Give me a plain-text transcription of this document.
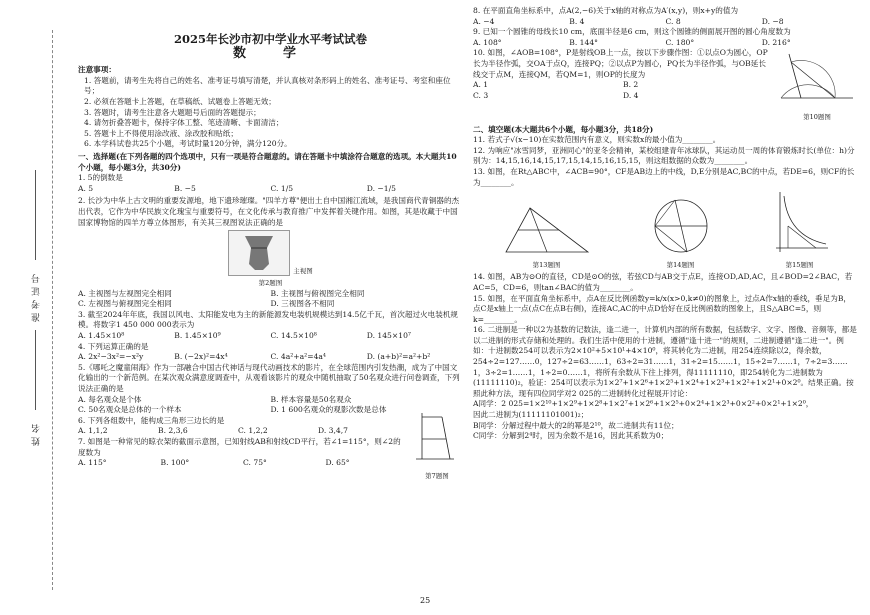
准考证号
姓名
2025年长沙市初中学业水平考试试卷
数　学

注意事项：

1. 答题前，请考生先将自己的姓名、准考证号填写清楚，并认真核对条形码上的姓名、准考证号、考室和座位号；

2. 必须在答题卡上答题，在草稿纸、试题卷上答题无效；

3. 答题时，请考生注意各大题题号后面的答题提示；

4. 请勿折叠答题卡，保持字体工整、笔迹清晰、卡面清洁；

5. 答题卡上不得使用涂改液、涂改胶和贴纸；

6. 本学科试卷共25个小题，考试时量120分钟，满分120分。

一、选择题(在下列各题的四个选项中，只有一项是符合题意的。请在答题卡中填涂符合题意的选项。本大题共10个小题，每小题3分，共30分)

1. 5的倒数是

A. 5	B. −5	C. 1/5	D. −1/5

2. 长沙为中华上古文明的重要发源地，地下遗珍璀璨。"四羊方尊"便出土自中国湘江流域，是我国商代青铜器的杰出代表，它作为中华民族文化瑰宝与重要符号，在文化传承与教育推广中发挥着关键作用。如图，其是收藏于中国国家博物馆的四羊方尊立体图形，有关其三视图说法正确的是

主视图
第2题图
A. 主视图与左视图完全相同	B. 主视图与俯视图完全相同
C. 左视图与俯视图完全相同	D. 三视图各不相同

3. 截至2024年年底，我国以风电、太阳能发电为主的新能源发电装机规模达到14.5亿千瓦，首次超过火电装机规模。将数字1 450 000 000表示为

A. 1.45×10⁸	B. 1.45×10⁹	C. 14.5×10⁸	D. 145×10⁷

4. 下列运算正确的是

A. 2x²−3x²=−x²y	B. (−2x)²=4x⁴	C. 4a²+a²=4a⁴	D. (a+b)²=a²+b²

5.《哪吒之魔童闹海》作为一部融合中国古代神话与现代动画技术的影片，在全球范围内引发热潮，成为了中国文化输出的一个新范例。在某次观众满意度调查中，从观看该影片的观众中随机抽取了50名观众进行问卷调查，下列说法正确的是

A. 每名观众是个体	B. 样本容量是50名观众
C. 50名观众是总体的一个样本	D. 1 600名观众的观影次数是总体

6. 下列各组数中，能构成三角形三边长的是

A. 1,1,2	B. 2,3,6	C. 1,2,2	D. 3,4,7

7. 如图是一种常见的晾衣架的截面示意图，已知射线AB和射线CD平行，若∠1=115°，则∠2的度数为

A. 115°	B. 100°	C. 75°	D. 65°
第7题图

8. 在平面直角坐标系中，点A(2,−6)关于x轴的对称点为A′(x,y)，则x+y的值为

A. −4	B. 4	C. 8	D. −8

9. 已知一个圆锥的母线长10 cm，底面半径是6 cm，则这个圆锥的侧面展开图的圆心角度数为

A. 108°	B. 144°	C. 180°	D. 216°

10. 如图，∠AOB=108°，P是射线OB上一点，按以下步骤作图：①以点O为圆心，OP长为半径作弧，交OA于点Q，连接PQ；②以点P为圆心，PQ长为半径作弧，与OB延长线交于点M，连接QM，若QM=1，则OP的长度为

A. 1	B. 2
C. 3	D. 4
第10题图

二、填空题(本大题共6个小题，每小题3分，共18分)

11. 若式子√(x−10)在实数范围内有意义，则实数x的最小值为________。

12. 为响应"冰雪同梦，亚洲同心"的亚冬会精神，某校组建青年冰球队，其运动员一周的体育锻炼时长(单位：h)分别为：14,15,16,14,15,17,15,14,15,16,15,15，则这组数据的众数为________。

13. 如图，在Rt△ABC中，∠ACB=90°，CF是AB边上的中线，D,E分别是AC,BC的中点，若DE=6，则CF的长为________。

第13题图	第14题图	第15题图

14. 如图，AB为⊙O的直径，CD是⊙O的弦，若弦CD与AB交于点E，连接OD,AD,AC，且∠BOD=2∠BAC，若AC=5，CD=6，则tan∠BAC的值为________。

15. 如图，在平面直角坐标系中，点A在反比例函数y=k/x(x>0,k≠0)的图象上，过点A作x轴的垂线，垂足为B，点C是x轴上一点(点C在点B右侧)，连接AC,AC的中点D恰好在反比例函数的图象上，且S△ABC=5，则k=________。

16. 二进制是一种以2为基数的记数法，逢二进一，计算机内部的所有数据，包括数字、文字、图像、音频等，都是以二进制的形式存储和处理的。我们生活中使用的十进制，遵循"逢十进一"的规则，二进制遵循"逢二进一"。例如：十进制数254可以表示为2×10²+5×10¹+4×10⁰，将其转化为二进制，用254连续除以2，得余数，254÷2=127……0，127÷2=63……1，63÷2=31……1，31÷2=15……1，15÷2=7……1，7÷2=3……1，3÷2=1……1，1÷2=0……1，将所有余数从下往上排列，得11111110，即254转化为二进制数为(11111110)₂，验证：254可以表示为1×2⁷+1×2⁶+1×2⁵+1×2⁴+1×2³+1×2²+1×2¹+0×2⁰。结果正确。按照此种方法，现有四位同学对2 025的二进制转化过程展开讨论：

A同学：2 025=1×2¹⁰+1×2⁹+1×2⁸+1×2⁷+1×2⁶+1×2⁵+0×2⁴+1×2³+0×2²+0×2¹+1×2⁰，

因此二进制为(11111101001)₂；

B同学：分解过程中最大的2的幂是2¹⁰，故二进制共有11位；

C同学：分解到2⁴时，因为余数不是16，因此其系数为0；

25
